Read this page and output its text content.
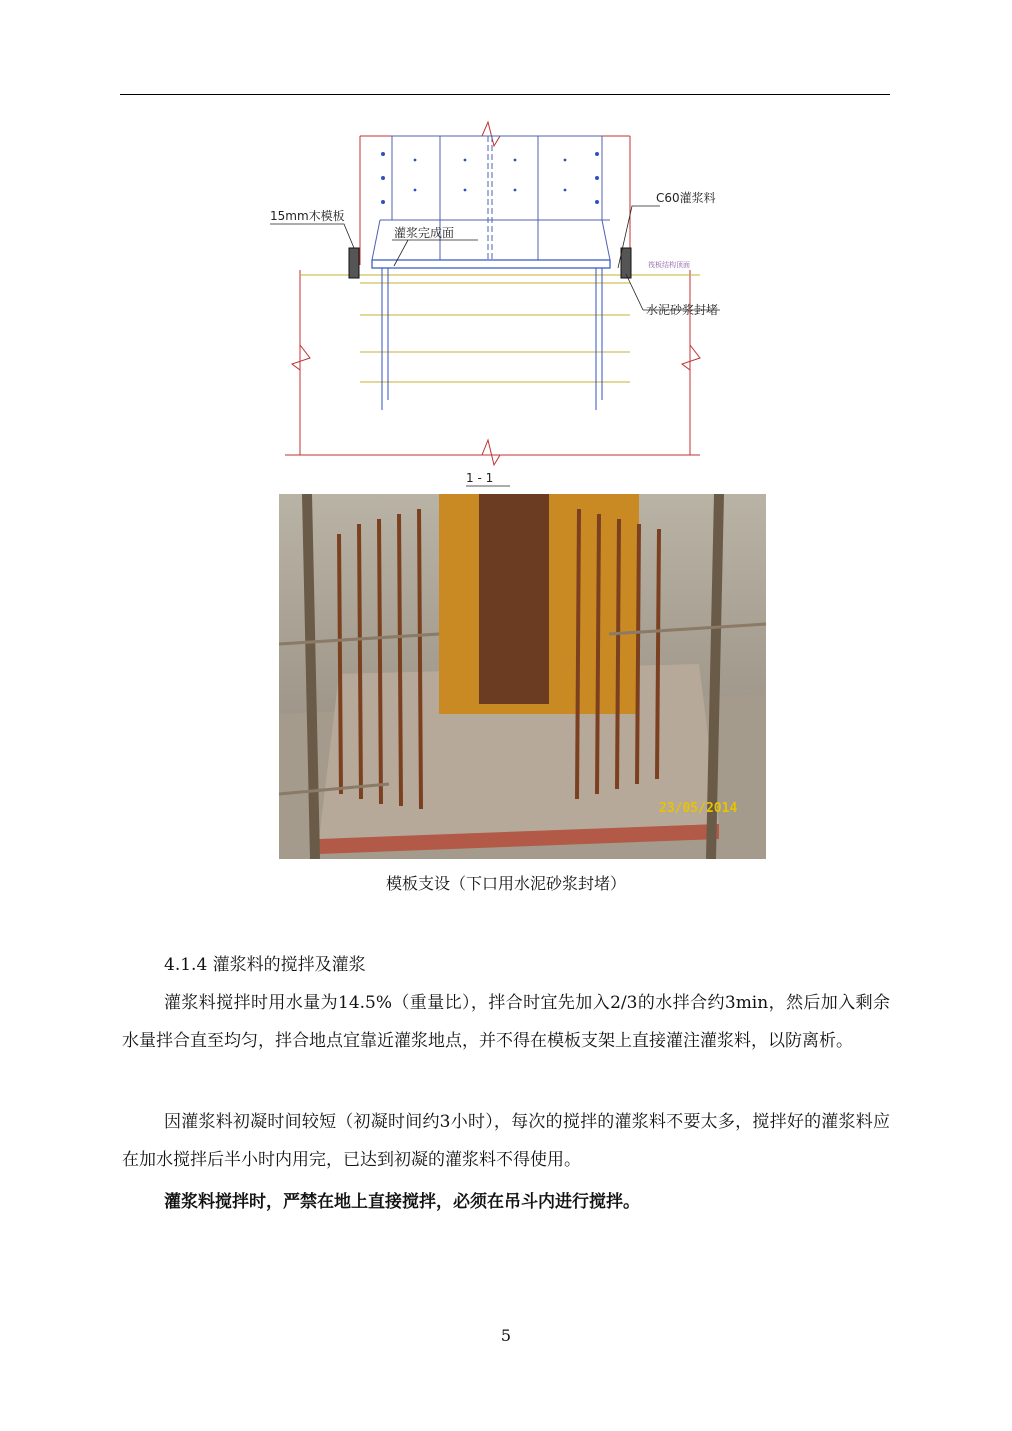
15mm木模板
灌浆完成面
C60灌浆料
水泥砂浆封堵
筏板结构顶面
1 - 1
23/05/2014
模板支设（下口用水泥砂浆封堵）
4.1.4 灌浆料的搅拌及灌浆

灌浆料搅拌时用水量为14.5%（重量比），拌合时宜先加入2/3的水拌合约3min，然后加入剩余水量拌合直至均匀，拌合地点宜靠近灌浆地点，并不得在模板支架上直接灌注灌浆料，以防离析。

因灌浆料初凝时间较短（初凝时间约3小时），每次的搅拌的灌浆料不要太多，搅拌好的灌浆料应在加水搅拌后半小时内用完，已达到初凝的灌浆料不得使用。

灌浆料搅拌时，严禁在地上直接搅拌，必须在吊斗内进行搅拌。

5
